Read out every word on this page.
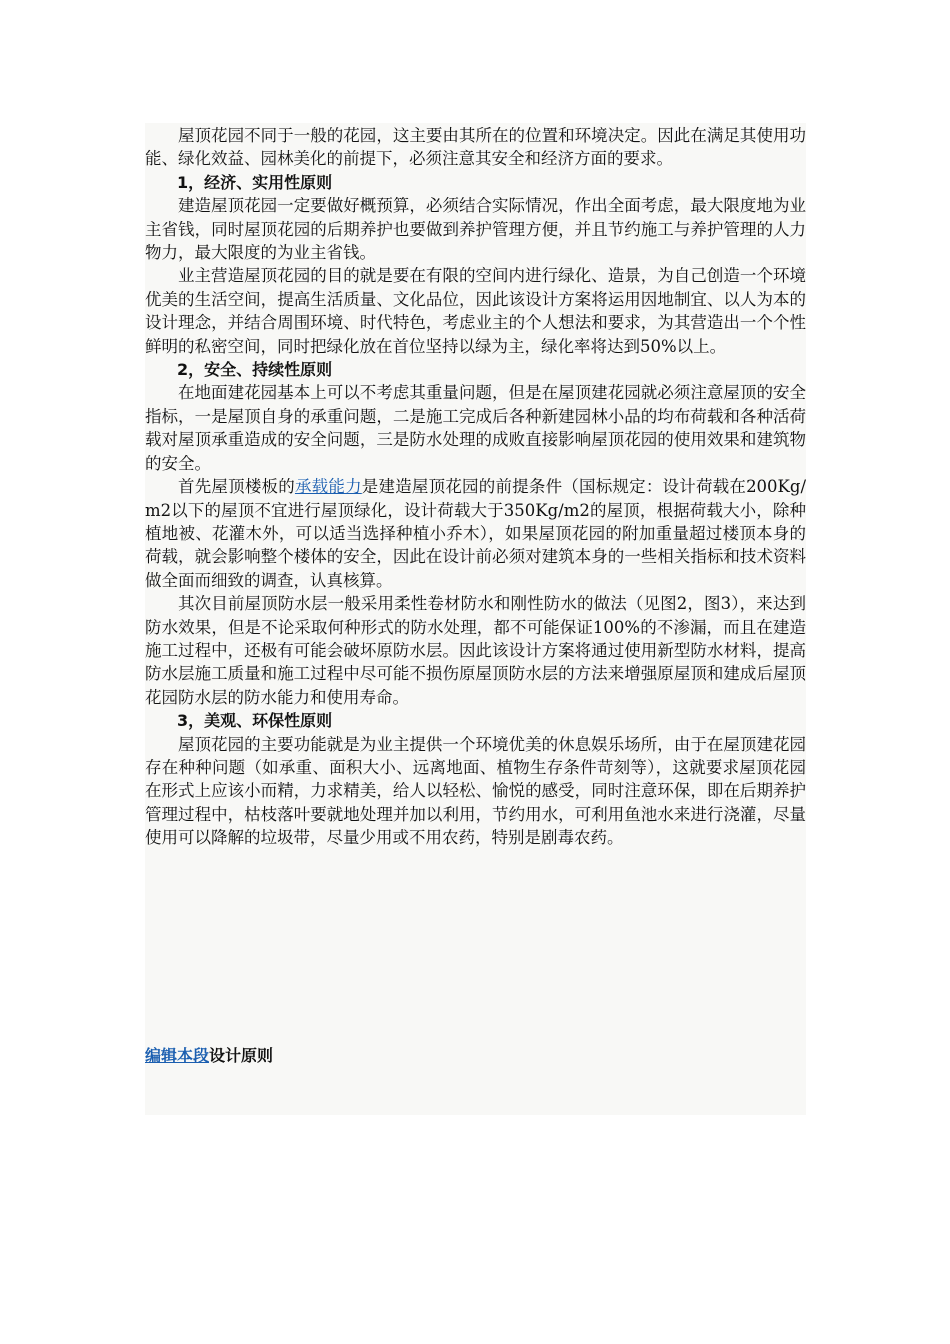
屋顶花园不同于一般的花园，这主要由其所在的位置和环境决定。因此在满足其使用功能、绿化效益、园林美化的前提下，必须注意其安全和经济方面的要求。

1，经济、实用性原则

建造屋顶花园一定要做好概预算，必须结合实际情况，作出全面考虑，最大限度地为业主省钱，同时屋顶花园的后期养护也要做到养护管理方便，并且节约施工与养护管理的人力物力，最大限度的为业主省钱。

业主营造屋顶花园的目的就是要在有限的空间内进行绿化、造景，为自己创造一个环境优美的生活空间，提高生活质量、文化品位，因此该设计方案将运用因地制宜、以人为本的设计理念，并结合周围环境、时代特色，考虑业主的个人想法和要求，为其营造出一个个性鲜明的私密空间，同时把绿化放在首位坚持以绿为主，绿化率将达到50%以上。

2，安全、持续性原则

在地面建花园基本上可以不考虑其重量问题，但是在屋顶建花园就必须注意屋顶的安全指标，一是屋顶自身的承重问题，二是施工完成后各种新建园林小品的均布荷载和各种活荷载对屋顶承重造成的安全问题，三是防水处理的成败直接影响屋顶花园的使用效果和建筑物的安全。

首先屋顶楼板的承载能力是建造屋顶花园的前提条件（国标规定：设计荷载在200Kg/m2以下的屋顶不宜进行屋顶绿化，设计荷载大于350Kg/m2的屋顶，根据荷载大小，除种植地被、花灌木外，可以适当选择种植小乔木），如果屋顶花园的附加重量超过楼顶本身的荷载，就会影响整个楼体的安全，因此在设计前必须对建筑本身的一些相关指标和技术资料做全面而细致的调查，认真核算。

其次目前屋顶防水层一般采用柔性卷材防水和刚性防水的做法（见图2，图3），来达到防水效果，但是不论采取何种形式的防水处理，都不可能保证100%的不渗漏，而且在建造施工过程中，还极有可能会破坏原防水层。因此该设计方案将通过使用新型防水材料，提高防水层施工质量和施工过程中尽可能不损伤原屋顶防水层的方法来增强原屋顶和建成后屋顶花园防水层的防水能力和使用寿命。

3，美观、环保性原则

屋顶花园的主要功能就是为业主提供一个环境优美的休息娱乐场所，由于在屋顶建花园存在种种问题（如承重、面积大小、远离地面、植物生存条件苛刻等），这就要求屋顶花园在形式上应该小而精，力求精美，给人以轻松、愉悦的感受，同时注意环保，即在后期养护管理过程中，枯枝落叶要就地处理并加以利用，节约用水，可利用鱼池水来进行浇灌，尽量使用可以降解的垃圾带，尽量少用或不用农药，特别是剧毒农药。

编辑本段设计原则
